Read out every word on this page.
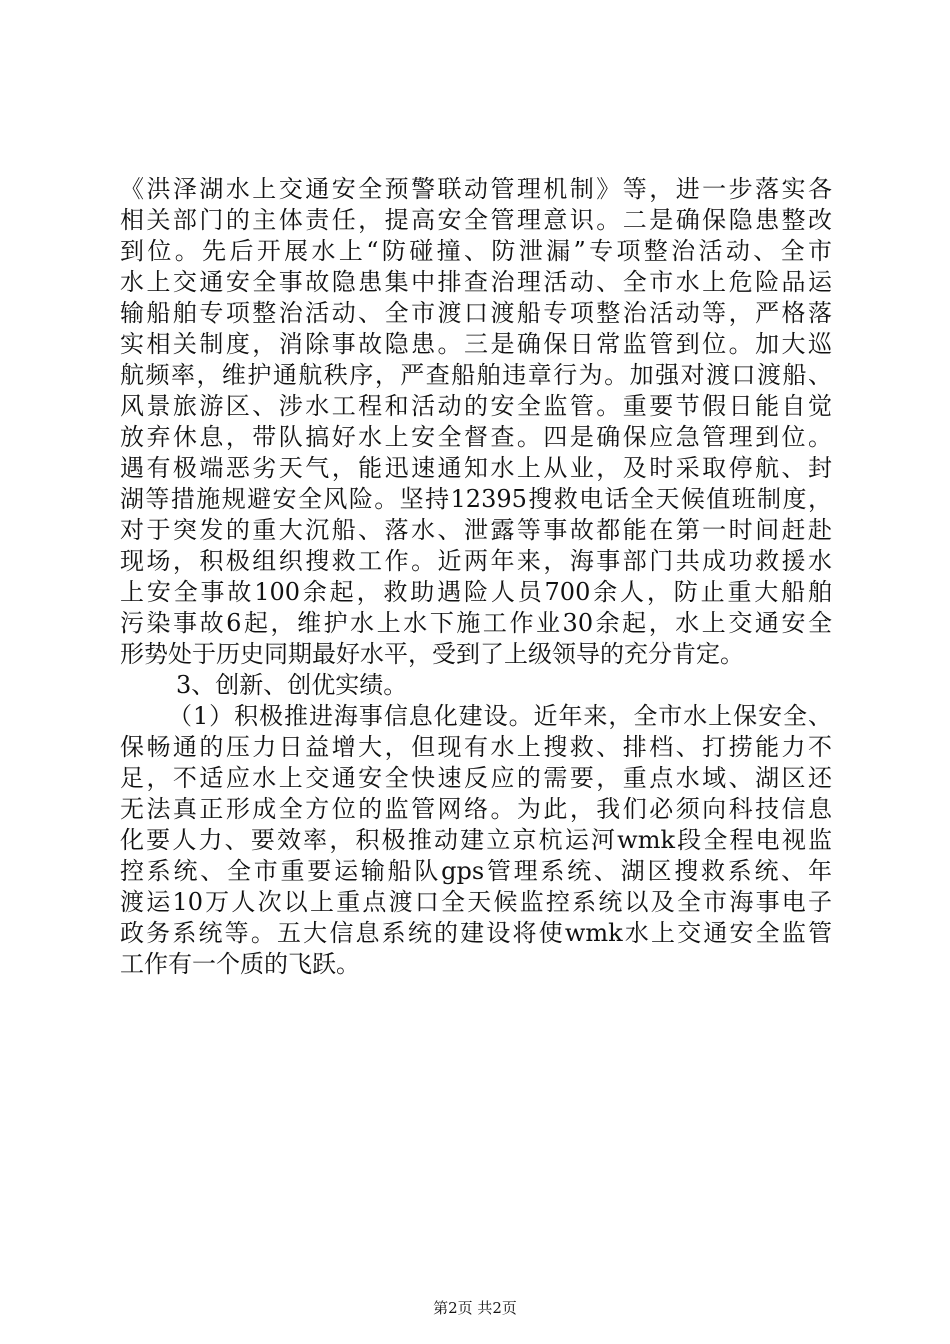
《洪泽湖水上交通安全预警联动管理机制》等，进一步落实各
相关部门的主体责任，提高安全管理意识。二是确保隐患整改
到位。先后开展水上“防碰撞、防泄漏”专项整治活动、全市
水上交通安全事故隐患集中排查治理活动、全市水上危险品运
输船舶专项整治活动、全市渡口渡船专项整治活动等，严格落
实相关制度，消除事故隐患。三是确保日常监管到位。加大巡
航频率，维护通航秩序，严查船舶违章行为。加强对渡口渡船、
风景旅游区、涉水工程和活动的安全监管。重要节假日能自觉
放弃休息，带队搞好水上安全督查。四是确保应急管理到位。
遇有极端恶劣天气，能迅速通知水上从业，及时采取停航、封
湖等措施规避安全风险。坚持12395搜救电话全天候值班制度，
对于突发的重大沉船、落水、泄露等事故都能在第一时间赶赴
现场，积极组织搜救工作。近两年来，海事部门共成功救援水
上安全事故100余起，救助遇险人员700余人，防止重大船舶
污染事故6起，维护水上水下施工作业30余起，水上交通安全
形势处于历史同期最好水平，受到了上级领导的充分肯定。
3、创新、创优实绩。
（1）积极推进海事信息化建设。近年来，全市水上保安全、
保畅通的压力日益增大，但现有水上搜救、排档、打捞能力不
足，不适应水上交通安全快速反应的需要，重点水域、湖区还
无法真正形成全方位的监管网络。为此，我们必须向科技信息
化要人力、要效率，积极推动建立京杭运河wmk段全程电视监
控系统、全市重要运输船队gps管理系统、湖区搜救系统、年
渡运10万人次以上重点渡口全天候监控系统以及全市海事电子
政务系统等。五大信息系统的建设将使wmk水上交通安全监管
工作有一个质的飞跃。
第2页 共2页
